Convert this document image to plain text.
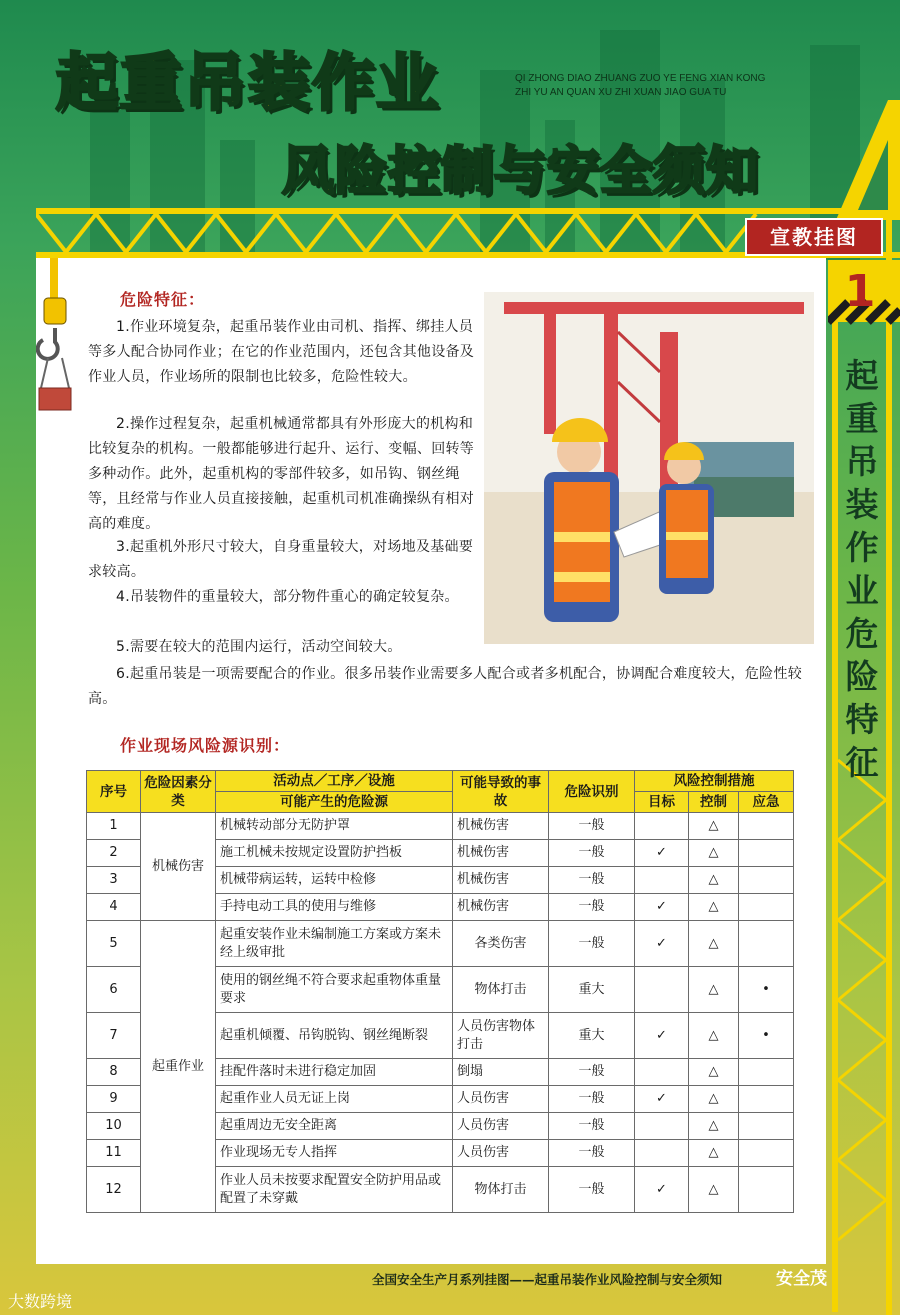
起重吊装作业	QI ZHONG DIAO ZHUANG ZUO YE FENG XIAN KONG ZHI YU AN QUAN XU ZHI XUAN JIAO GUA TU
风险控制与安全须知
宣教挂图
1
起重吊装作业危险特征
危险特征：

1.作业环境复杂，起重吊装作业由司机、指挥、绑挂人员等多人配合协同作业；在它的作业范围内，还包含其他设备及作业人员，作业场所的限制也比较多，危险性较大。

2.操作过程复杂，起重机械通常都具有外形庞大的机构和比较复杂的机构。一般都能够进行起升、运行、变幅、回转等多种动作。此外，起重机构的零部件较多，如吊钩、钢丝绳等，且经常与作业人员直接接触，起重机司机准确操纵有相对高的难度。

3.起重机外形尺寸较大，自身重量较大，对场地及基础要求较高。

4.吊装物件的重量较大，部分物件重心的确定较复杂。

5.需要在较大的范围内运行，活动空间较大。

6.起重吊装是一项需要配合的作业。很多吊装作业需要多人配合或者多机配合，协调配合难度较大，危险性较高。

作业现场风险源识别：
序号	危险因素分类	活动点／工序／设施	可能导致的事故	危险识别	风险控制措施		
		可能产生的危险源			目标	控制	应急
1	机械伤害	机械转动部分无防护罩	机械伤害	一般		△	
2		施工机械未按规定设置防护挡板	机械伤害	一般	✓	△	
3		机械带病运转，运转中检修	机械伤害	一般		△	
4		手持电动工具的使用与维修	机械伤害	一般	✓	△	
5	起重作业	起重安装作业未编制施工方案或方案未经上级审批	各类伤害	一般	✓	△	
6		使用的钢丝绳不符合要求起重物体重量要求	物体打击	重大		△	•
7		起重机倾覆、吊钩脱钩、钢丝绳断裂	人员伤害物体打击	重大	✓	△	•
8		挂配件落时未进行稳定加固	倒塌	一般		△	
9		起重作业人员无证上岗	人员伤害	一般	✓	△	
10		起重周边无安全距离	人员伤害	一般		△	
11		作业现场无专人指挥	人员伤害	一般		△	
12		作业人员未按要求配置安全防护用品或配置了未穿戴	物体打击	一般	✓	△	
全国安全生产月系列挂图——起重吊装作业风险控制与安全须知
大数跨境
安全茂
